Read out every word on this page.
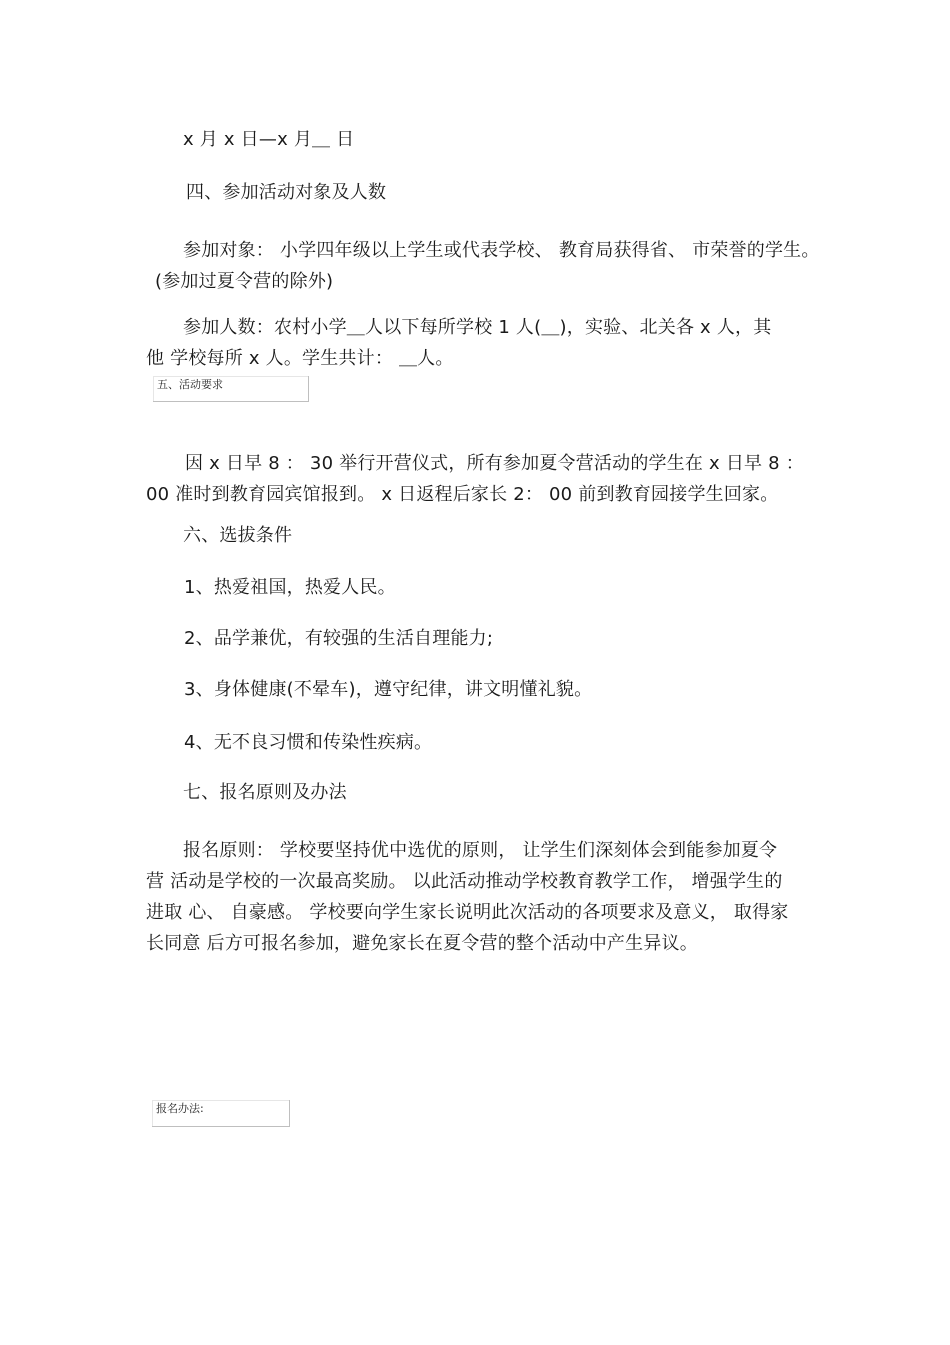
x 月 x 日—x 月＿ 日
四、参加活动对象及人数
参加对象： 小学四年级以上学生或代表学校、 教育局获得省、 市荣誉的学生。
(参加过夏令营的除外)
参加人数：农村小学＿人以下每所学校 1 人(＿)，实验、北关各 x 人，其
他 学校每所 x 人。学生共计： ＿人。
五、活动要求
因 x 日早 8 ： 30 举行开营仪式，所有参加夏令营活动的学生在 x 日早 8 ：
00 准时到教育园宾馆报到。 x 日返程后家长 2： 00 前到教育园接学生回家。
六、选拔条件
1、热爱祖国，热爱人民。
2、品学兼优，有较强的生活自理能力;
3、身体健康(不晕车)，遵守纪律，讲文明懂礼貌。
4、无不良习惯和传染性疾病。
七、报名原则及办法
报名原则： 学校要坚持优中选优的原则， 让学生们深刻体会到能参加夏令
营 活动是学校的一次最高奖励。 以此活动推动学校教育教学工作， 增强学生的
进取 心、 自豪感。 学校要向学生家长说明此次活动的各项要求及意义， 取得家
长同意 后方可报名参加，避免家长在夏令营的整个活动中产生异议。
报名办法:
